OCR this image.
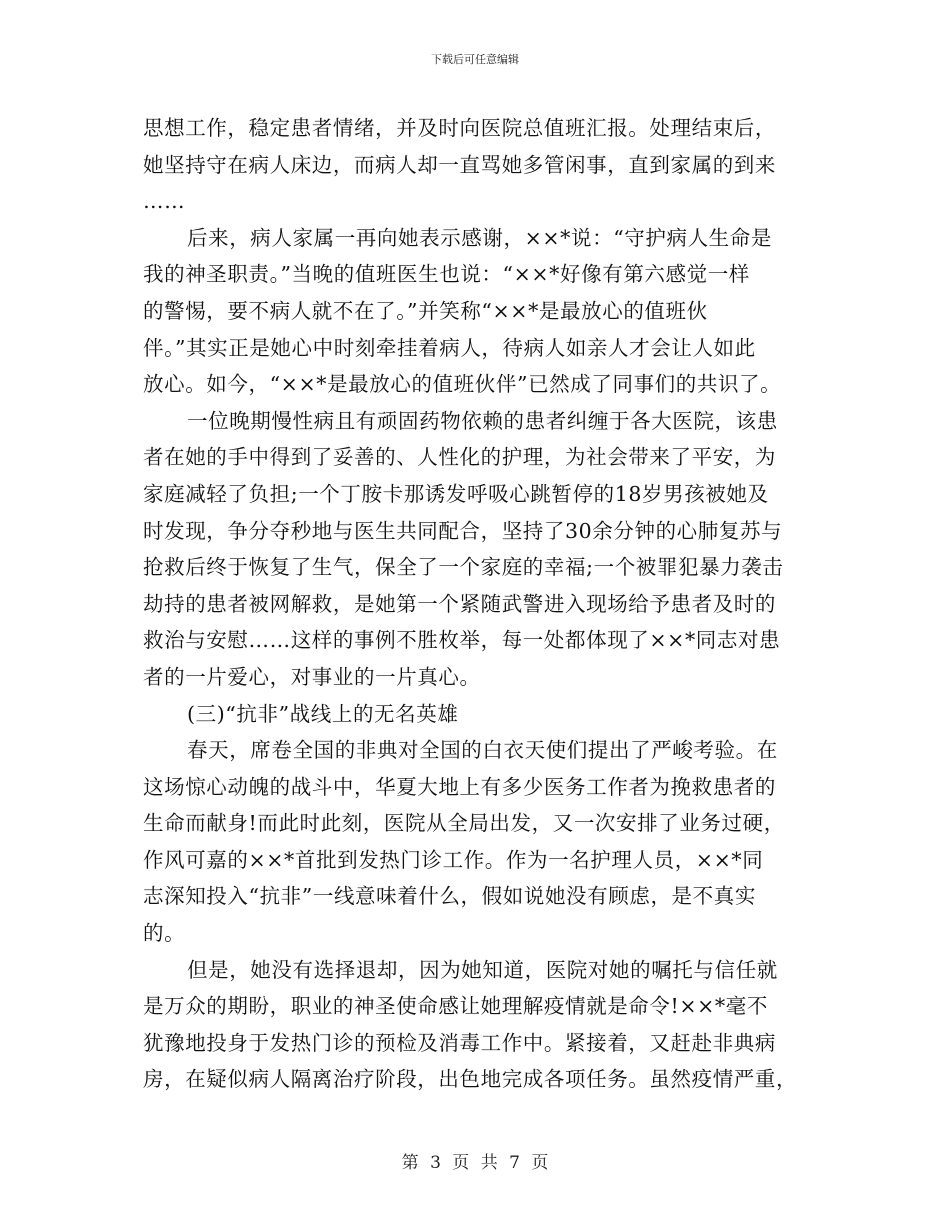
下载后可任意编辑
思想工作，稳定患者情绪，并及时向医院总值班汇报。处理结束后，
她坚持守在病人床边，而病人却一直骂她多管闲事，直到家属的到来
……
后来，病人家属一再向她表示感谢，××*说：“守护病人生命是
我的神圣职责。”当晚的值班医生也说：“××*好像有第六感觉一样
的警惕，要不病人就不在了。”并笑称“××*是最放心的值班伙
伴。”其实正是她心中时刻牵挂着病人，待病人如亲人才会让人如此
放心。如今，“××*是最放心的值班伙伴”已然成了同事们的共识了。
一位晚期慢性病且有顽固药物依赖的患者纠缠于各大医院，该患
者在她的手中得到了妥善的、人性化的护理，为社会带来了平安，为
家庭减轻了负担;一个丁胺卡那诱发呼吸心跳暂停的18岁男孩被她及
时发现，争分夺秒地与医生共同配合，坚持了30余分钟的心肺复苏与
抢救后终于恢复了生气，保全了一个家庭的幸福;一个被罪犯暴力袭击
劫持的患者被网解救，是她第一个紧随武警进入现场给予患者及时的
救治与安慰……这样的事例不胜枚举，每一处都体现了××*同志对患
者的一片爱心，对事业的一片真心。
(三)“抗非”战线上的无名英雄
春天，席卷全国的非典对全国的白衣天使们提出了严峻考验。在
这场惊心动魄的战斗中，华夏大地上有多少医务工作者为挽救患者的
生命而献身!而此时此刻，医院从全局出发，又一次安排了业务过硬，
作风可嘉的××*首批到发热门诊工作。作为一名护理人员，××*同
志深知投入“抗非”一线意味着什么，假如说她没有顾虑，是不真实
的。
但是，她没有选择退却，因为她知道，医院对她的嘱托与信任就
是万众的期盼，职业的神圣使命感让她理解疫情就是命令!××*毫不
犹豫地投身于发热门诊的预检及消毒工作中。紧接着，又赶赴非典病
房，在疑似病人隔离治疗阶段，出色地完成各项任务。虽然疫情严重，
第 3 页 共 7 页
